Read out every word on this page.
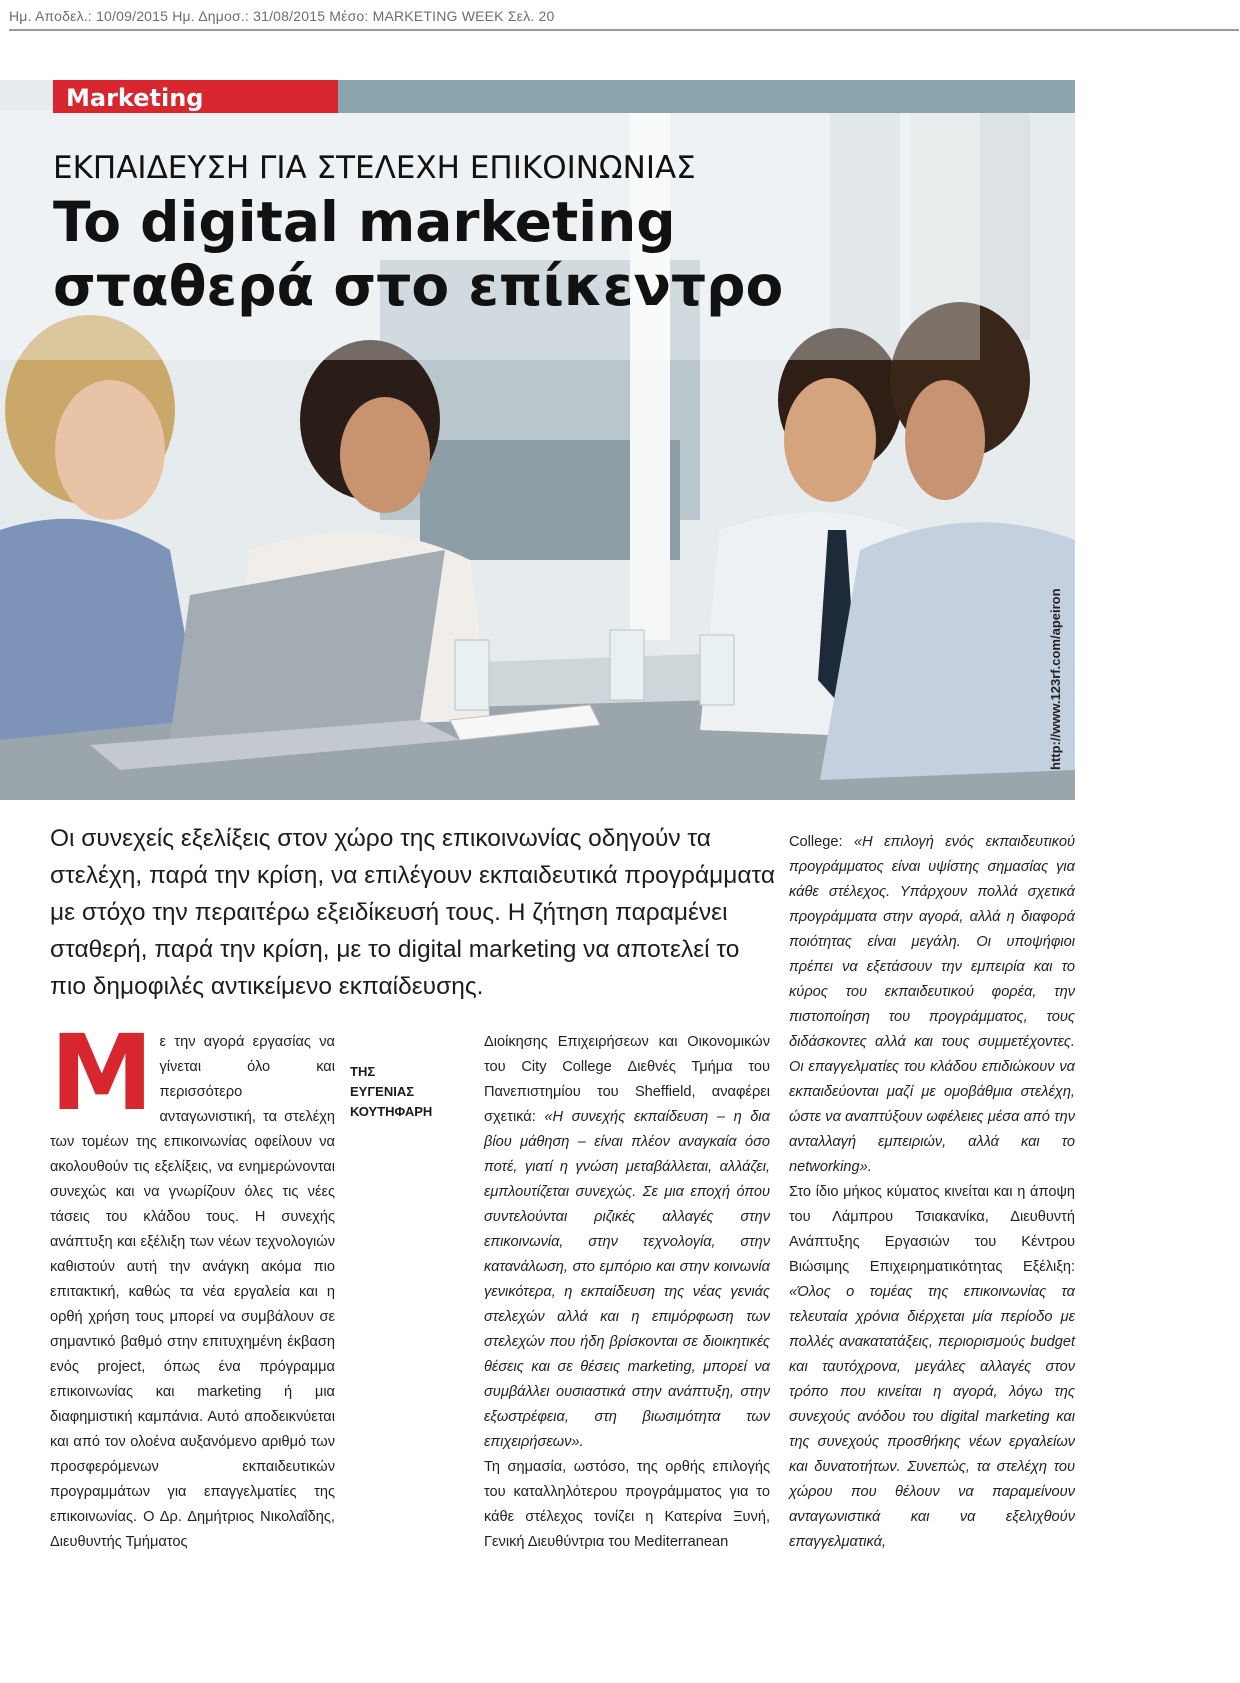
Ημ. Αποδελ.: 10/09/2015 Ημ. Δημοσ.: 31/08/2015 Μέσο: MARKETING WEEK Σελ. 20
Marketing
ΕΚΠΑΙΔΕΥΣΗ ΓΙΑ ΣΤΕΛΕΧΗ ΕΠΙΚΟΙΝΩΝΙΑΣ
To digital marketing σταθερά στο επίκεντρο
http://www.123rf.com/apeiron

Οι συνεχείς εξελίξεις στον χώρο της επικοινωνίας οδηγούν τα στελέχη, παρά την κρίση, να επιλέγουν εκπαιδευτικά προγράμματα με στόχο την περαιτέρω εξειδίκευσή τους. Η ζήτηση παραμένει σταθερή, παρά την κρίση, με το digital marketing να αποτελεί το πιο δημοφιλές αντικείμενο εκπαίδευσης.

ΤΗΣ
ΕΥΓΕΝΙΑΣ ΚΟΥΤΗΦΑΡΗ

Με την αγορά εργασίας να γίνεται όλο και περισσότερο ανταγωνιστική, τα στελέχη των τομέων της επικοινωνίας οφείλουν να ακολουθούν τις εξελίξεις, να ενημερώνονται συνεχώς και να γνωρίζουν όλες τις νέες τάσεις του κλάδου τους. Η συνεχής ανάπτυξη και εξέλιξη των νέων τεχνολογιών καθιστούν αυτή την ανάγκη ακόμα πιο επιτακτική, καθώς τα νέα εργαλεία και η ορθή χρήση τους μπορεί να συμβάλουν σε σημαντικό βαθμό στην επιτυχημένη έκβαση ενός project, όπως ένα πρόγραμμα επικοινωνίας και marketing ή μια διαφημιστική καμπάνια. Αυτό αποδεικνύεται και από τον ολοένα αυξανόμενο αριθμό των προσφερόμενων εκπαιδευτικών προγραμμάτων για επαγγελματίες της επικοινωνίας. Ο Δρ. Δημήτριος Νικολαΐδης, Διευθυντής Τμήματος

Διοίκησης Επιχειρήσεων και Οικονομικών του City College Διεθνές Τμήμα του Πανεπιστημίου του Sheffield, αναφέρει σχετικά: «Η συνεχής εκπαίδευση – η δια βίου μάθηση – είναι πλέον αναγκαία όσο ποτέ, γιατί η γνώση μεταβάλλεται, αλλάζει, εμπλουτίζεται συνεχώς. Σε μια εποχή όπου συντελούνται ριζικές αλλαγές στην επικοινωνία, στην τεχνολογία, στην κατανάλωση, στο εμπόριο και στην κοινωνία γενικότερα, η εκπαίδευση της νέας γενιάς στελεχών αλλά και η επιμόρφωση των στελεχών που ήδη βρίσκονται σε διοικητικές θέσεις και σε θέσεις marketing, μπορεί να συμβάλλει ουσιαστικά στην ανάπτυξη, στην εξωστρέφεια, στη βιωσιμότητα των επιχειρήσεων».
Τη σημασία, ωστόσο, της ορθής επιλογής του καταλληλότερου προγράμματος για το κάθε στέλεχος τονίζει η Κατερίνα Ξυνή, Γενική Διευθύντρια του Mediterranean

College: «Η επιλογή ενός εκπαιδευτικού προγράμματος είναι υψίστης σημασίας για κάθε στέλεχος. Υπάρχουν πολλά σχετικά προγράμματα στην αγορά, αλλά η διαφορά ποιότητας είναι μεγάλη. Οι υποψήφιοι πρέπει να εξετάσουν την εμπειρία και το κύρος του εκπαιδευτικού φορέα, την πιστοποίηση του προγράμματος, τους διδάσκοντες αλλά και τους συμμετέχοντες. Οι επαγγελματίες του κλάδου επιδιώκουν να εκπαιδεύονται μαζί με ομοβάθμια στελέχη, ώστε να αναπτύξουν ωφέλειες μέσα από την ανταλλαγή εμπειριών, αλλά και το networking».
Στο ίδιο μήκος κύματος κινείται και η άποψη του Λάμπρου Τσιακανίκα, Διευθυντή Ανάπτυξης Εργασιών του Κέντρου Βιώσιμης Επιχειρηματικότητας Εξέλιξη: «Όλος ο τομέας της επικοινωνίας τα τελευταία χρόνια διέρχεται μία περίοδο με πολλές ανακατατάξεις, περιορισμούς budget και ταυτόχρονα, μεγάλες αλλαγές στον τρόπο που κινείται η αγορά, λόγω της συνεχούς ανόδου του digital marketing και της συνεχούς προσθήκης νέων εργαλείων και δυνατοτήτων. Συνεπώς, τα στελέχη του χώρου που θέλουν να παραμείνουν ανταγωνιστικά και να εξελιχθούν επαγγελματικά,
